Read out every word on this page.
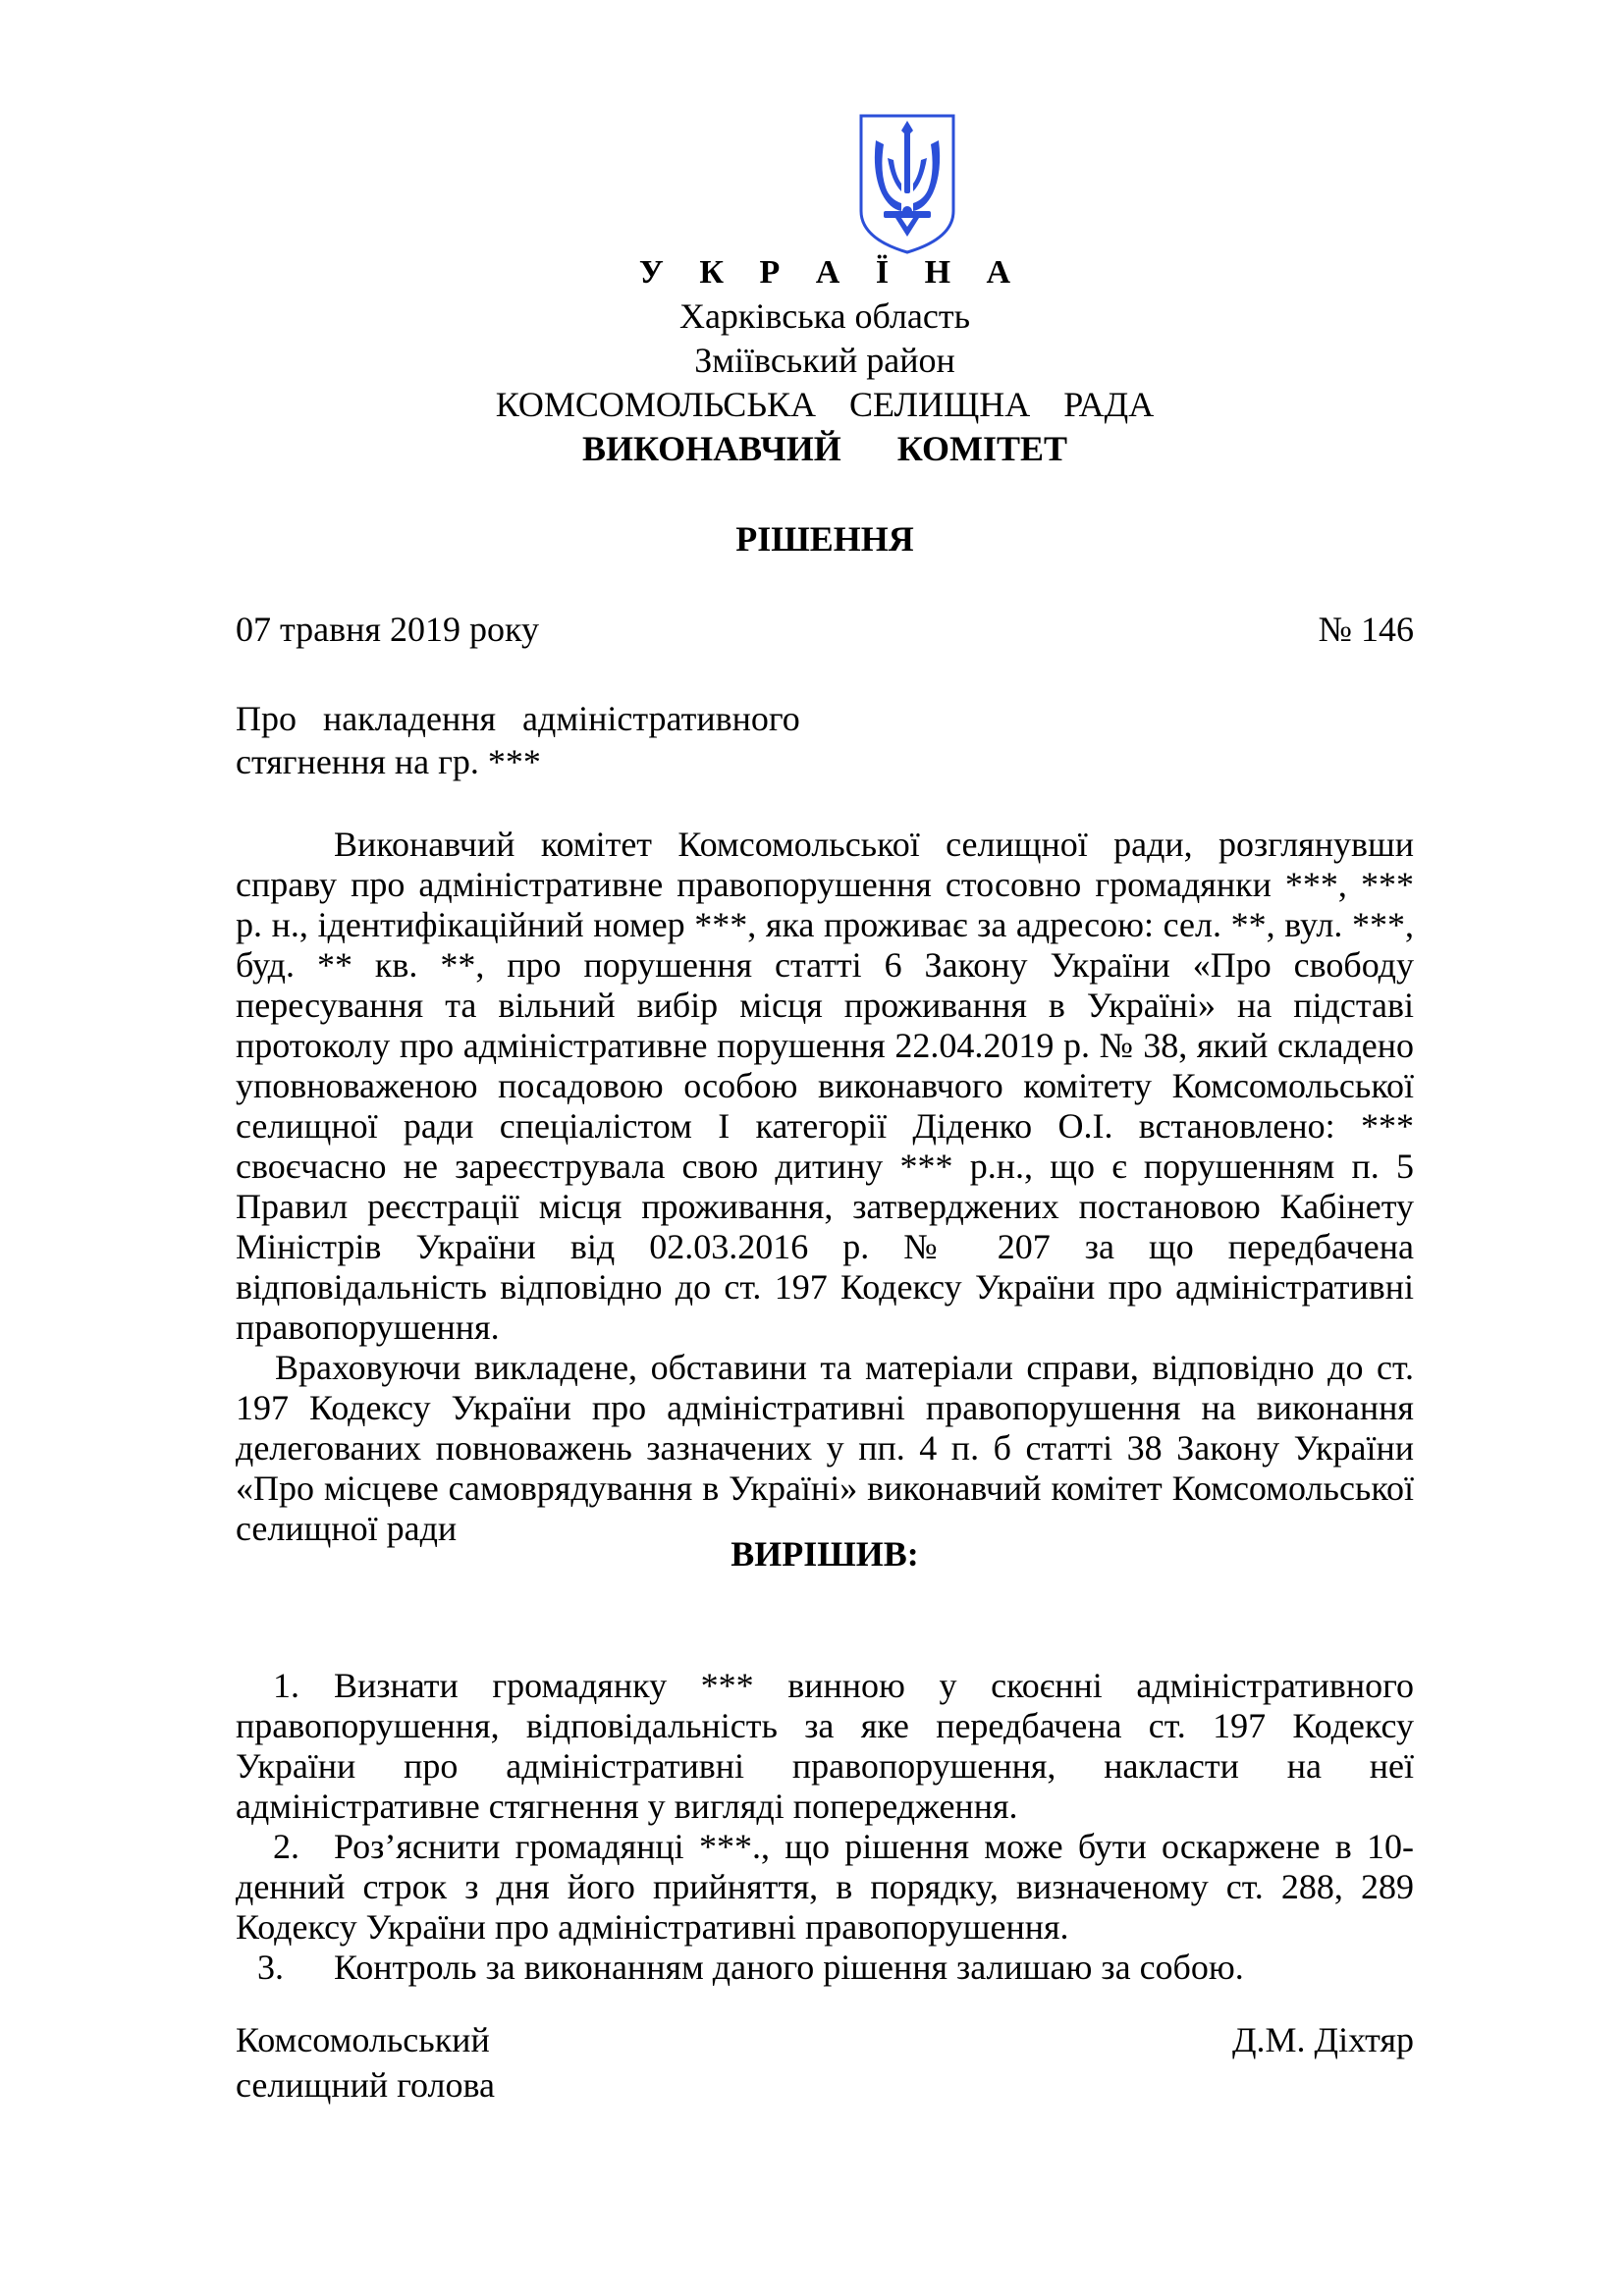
У К Р А Ї Н А
Харківська область
Зміївський район
КОМСОМОЛЬСЬКА  СЕЛИЩНА  РАДА
ВИКОНАВЧИЙ   КОМІТЕТ
РІШЕННЯ
07 травня 2019 року	№ 146
Про накладення адміністративного
стягнення на гр. ***

Виконавчий комітет Комсомольської селищної ради, розглянувши справу про адміністративне правопорушення стосовно громадянки ***, *** р. н., ідентифікаційний номер ***, яка проживає за адресою: сел. **, вул. ***, буд. ** кв. **, про порушення статті 6 Закону України «Про свободу пересування та вільний вибір місця проживання в Україні» на підставі протоколу про адміністративне порушення 22.04.2019 р. № 38, який складено уповноваженою посадовою особою виконавчого комітету Комсомольської селищної ради спеціалістом І категорії Діденко О.І. встановлено: *** своєчасно не зареєструвала свою дитину *** р.н., що є порушенням п. 5 Правил реєстрації місця проживання, затверджених постановою Кабінету Міністрів України від 02.03.2016 р. № 207 за що передбачена відповідальність відповідно до ст. 197 Кодексу України про адміністративні правопорушення.

Враховуючи викладене, обставини та матеріали справи, відповідно до ст. 197 Кодексу України про адміністративні правопорушення на виконання делегованих повноважень зазначених у пп. 4 п. б статті 38 Закону України «Про місцеве самоврядування в Україні» виконавчий комітет Комсомольської селищної ради

ВИРІШИВ:

1. Визнати громадянку *** винною у скоєнні адміністративного правопорушення, відповідальність за яке передбачена ст. 197 Кодексу України про адміністративні правопорушення, накласти на неї адміністративне стягнення у вигляді попередження.

2. Роз’яснити громадянці ***., що рішення може бути оскаржене в 10-денний строк з дня його прийняття, в порядку, визначеному ст. 288, 289 Кодексу України про адміністративні правопорушення.

3. Контроль за виконанням даного рішення залишаю за собою.

Комсомольський
селищний голова
Д.М. Діхтяр
